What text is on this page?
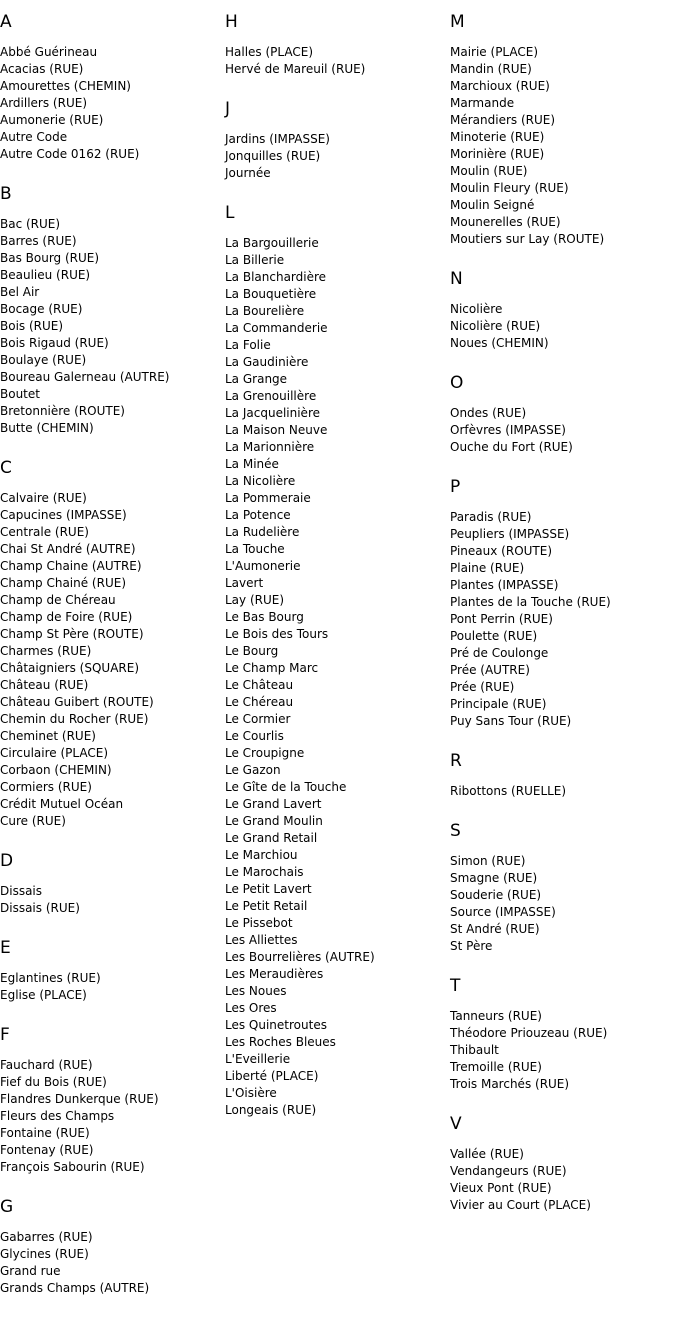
A
Abbé Guérineau
Acacias (RUE)
Amourettes (CHEMIN)
Ardillers (RUE)
Aumonerie (RUE)
Autre Code
Autre Code 0162 (RUE)
B
Bac (RUE)
Barres (RUE)
Bas Bourg (RUE)
Beaulieu (RUE)
Bel Air
Bocage (RUE)
Bois (RUE)
Bois Rigaud (RUE)
Boulaye (RUE)
Boureau Galerneau (AUTRE)
Boutet
Bretonnière (ROUTE)
Butte (CHEMIN)
C
Calvaire (RUE)
Capucines (IMPASSE)
Centrale (RUE)
Chai St André (AUTRE)
Champ Chaine (AUTRE)
Champ Chainé (RUE)
Champ de Chéreau
Champ de Foire (RUE)
Champ St Père (ROUTE)
Charmes (RUE)
Châtaigniers (SQUARE)
Château (RUE)
Château Guibert (ROUTE)
Chemin du Rocher (RUE)
Cheminet (RUE)
Circulaire (PLACE)
Corbaon (CHEMIN)
Cormiers (RUE)
Crédit Mutuel Océan
Cure (RUE)
D
Dissais
Dissais (RUE)
E
Eglantines (RUE)
Eglise (PLACE)
F
Fauchard (RUE)
Fief du Bois (RUE)
Flandres Dunkerque (RUE)
Fleurs des Champs
Fontaine (RUE)
Fontenay (RUE)
François Sabourin (RUE)
G
Gabarres (RUE)
Glycines (RUE)
Grand rue
Grands Champs (AUTRE)
H
Halles (PLACE)
Hervé de Mareuil (RUE)
J
Jardins (IMPASSE)
Jonquilles (RUE)
Journée
L
La Bargouillerie
La Billerie
La Blanchardière
La Bouquetière
La Bourelière
La Commanderie
La Folie
La Gaudinière
La Grange
La Grenouillère
La Jacquelinière
La Maison Neuve
La Marionnière
La Minée
La Nicolière
La Pommeraie
La Potence
La Rudelière
La Touche
L'Aumonerie
Lavert
Lay (RUE)
Le Bas Bourg
Le Bois des Tours
Le Bourg
Le Champ Marc
Le Château
Le Chéreau
Le Cormier
Le Courlis
Le Croupigne
Le Gazon
Le Gîte de la Touche
Le Grand Lavert
Le Grand Moulin
Le Grand Retail
Le Marchiou
Le Marochais
Le Petit Lavert
Le Petit Retail
Le Pissebot
Les Alliettes
Les Bourrelières (AUTRE)
Les Meraudières
Les Noues
Les Ores
Les Quinetroutes
Les Roches Bleues
L'Eveillerie
Liberté (PLACE)
L'Oisière
Longeais (RUE)
M
Mairie (PLACE)
Mandin (RUE)
Marchioux (RUE)
Marmande
Mérandiers (RUE)
Minoterie (RUE)
Morinière (RUE)
Moulin (RUE)
Moulin Fleury (RUE)
Moulin Seigné
Mounerelles (RUE)
Moutiers sur Lay (ROUTE)
N
Nicolière
Nicolière (RUE)
Noues (CHEMIN)
O
Ondes (RUE)
Orfèvres (IMPASSE)
Ouche du Fort (RUE)
P
Paradis (RUE)
Peupliers (IMPASSE)
Pineaux (ROUTE)
Plaine (RUE)
Plantes (IMPASSE)
Plantes de la Touche (RUE)
Pont Perrin (RUE)
Poulette (RUE)
Pré de Coulonge
Prée (AUTRE)
Prée (RUE)
Principale (RUE)
Puy Sans Tour (RUE)
R
Ribottons (RUELLE)
S
Simon (RUE)
Smagne (RUE)
Souderie (RUE)
Source (IMPASSE)
St André (RUE)
St Père
T
Tanneurs (RUE)
Théodore Priouzeau (RUE)
Thibault
Tremoille (RUE)
Trois Marchés (RUE)
V
Vallée (RUE)
Vendangeurs (RUE)
Vieux Pont (RUE)
Vivier au Court (PLACE)
